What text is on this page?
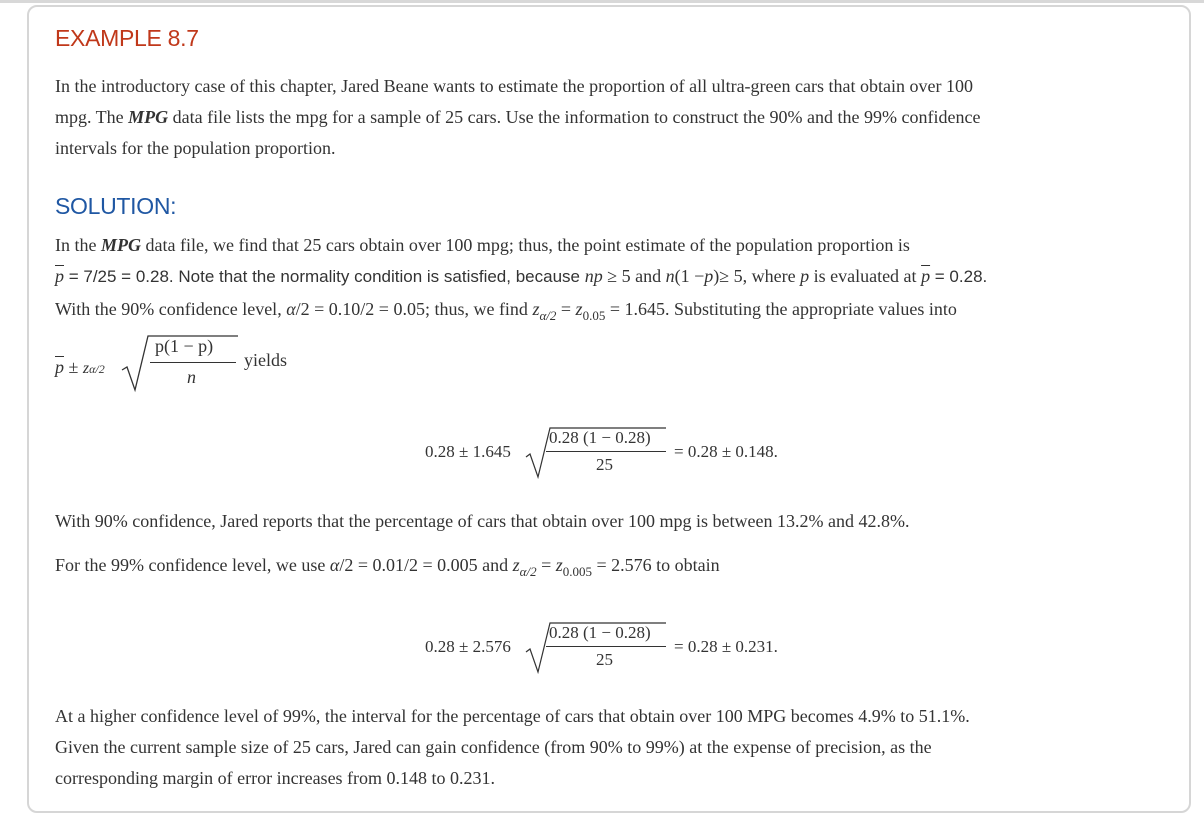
EXAMPLE 8.7
In the introductory case of this chapter, Jared Beane wants to estimate the proportion of all ultra-green cars that obtain over 100
mpg. The MPG data file lists the mpg for a sample of 25 cars. Use the information to construct the 90% and the 99% confidence
intervals for the population proportion.
SOLUTION:
In the MPG data file, we find that 25 cars obtain over 100 mpg; thus, the point estimate of the population proportion is
$\overline{p} = 7/25 = 0.28$. Note that the normality condition is satisfied, because np ≥ 5 and n(1 −p)≥ 5, where p is evaluated at $\overline{p} = 0.28$.
With the 90% confidence level, α/2 = 0.10/2 = 0.05; thus, we find $z_{\alpha/2} = z_{0.05} = 1.645$. Substituting the appropriate values into
$\overline{p} \pm z\alpha/2$
p(1 − p)
n
yields
0.28 ± 1.645
0.28 (1 − 0.28)
25
= 0.28 ± 0.148.
With 90% confidence, Jared reports that the percentage of cars that obtain over 100 mpg is between 13.2% and 42.8%.
For the 99% confidence level, we use α/2 = 0.01/2 = 0.005 and $z_{\alpha/2} = z_{0.005} = 2.576$ to obtain
0.28 ± 2.576
0.28 (1 − 0.28)
25
= 0.28 ± 0.231.
At a higher confidence level of 99%, the interval for the percentage of cars that obtain over 100 MPG becomes 4.9% to 51.1%.
Given the current sample size of 25 cars, Jared can gain confidence (from 90% to 99%) at the expense of precision, as the
corresponding margin of error increases from 0.148 to 0.231.
